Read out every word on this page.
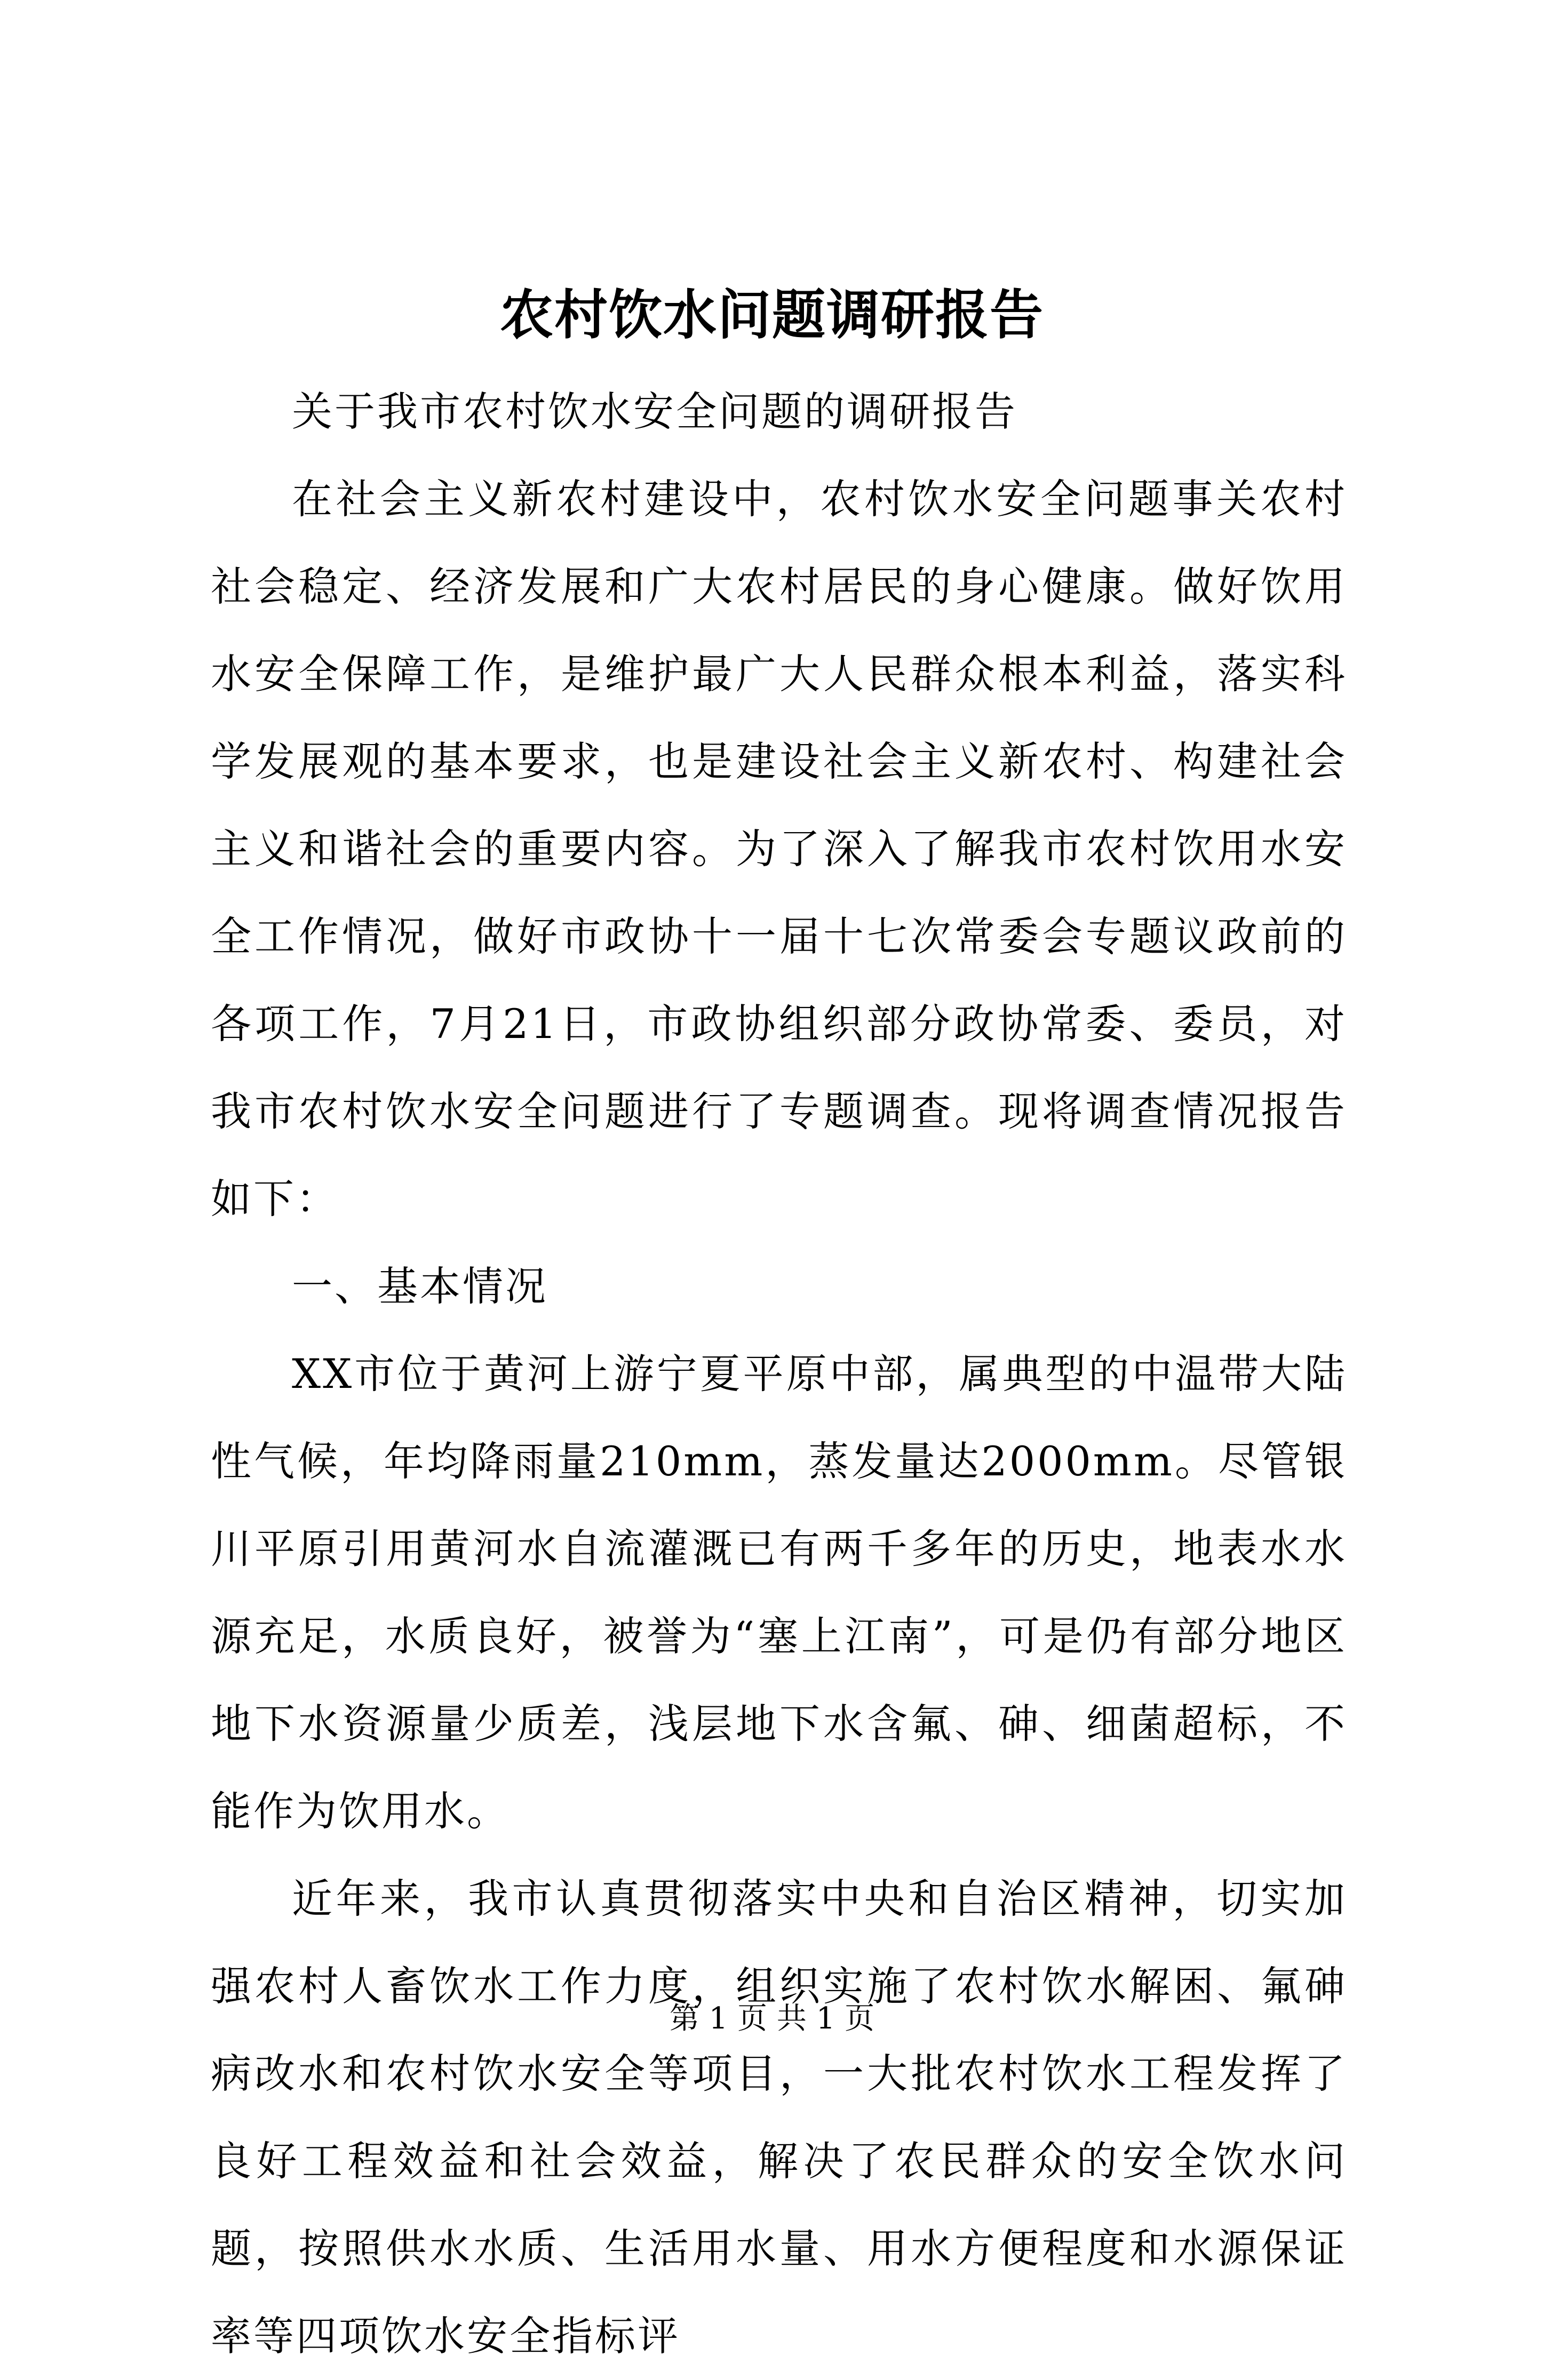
农村饮水问题调研报告

关于我市农村饮水安全问题的调研报告

在社会主义新农村建设中，农村饮水安全问题事关农村社会稳定、经济发展和广大农村居民的身心健康。做好饮用水安全保障工作，是维护最广大人民群众根本利益，落实科学发展观的基本要求，也是建设社会主义新农村、构建社会主义和谐社会的重要内容。为了深入了解我市农村饮用水安全工作情况，做好市政协十一届十七次常委会专题议政前的各项工作，7月21日，市政协组织部分政协常委、委员，对我市农村饮水安全问题进行了专题调查。现将调查情况报告如下：

一、基本情况

XX市位于黄河上游宁夏平原中部，属典型的中温带大陆性气候，年均降雨量210mm，蒸发量达2000mm。尽管银川平原引用黄河水自流灌溉已有两千多年的历史，地表水水源充足，水质良好，被誉为“塞上江南”，可是仍有部分地区地下水资源量少质差，浅层地下水含氟、砷、细菌超标，不能作为饮用水。

近年来，我市认真贯彻落实中央和自治区精神，切实加强农村人畜饮水工作力度，组织实施了农村饮水解困、氟砷病改水和农村饮水安全等项目，一大批农村饮水工程发挥了良好工程效益和社会效益，解决了农民群众的安全饮水问题，按照供水水质、生活用水量、用水方便程度和水源保证率等四项饮水安全指标评

第 1 页 共 1 页
